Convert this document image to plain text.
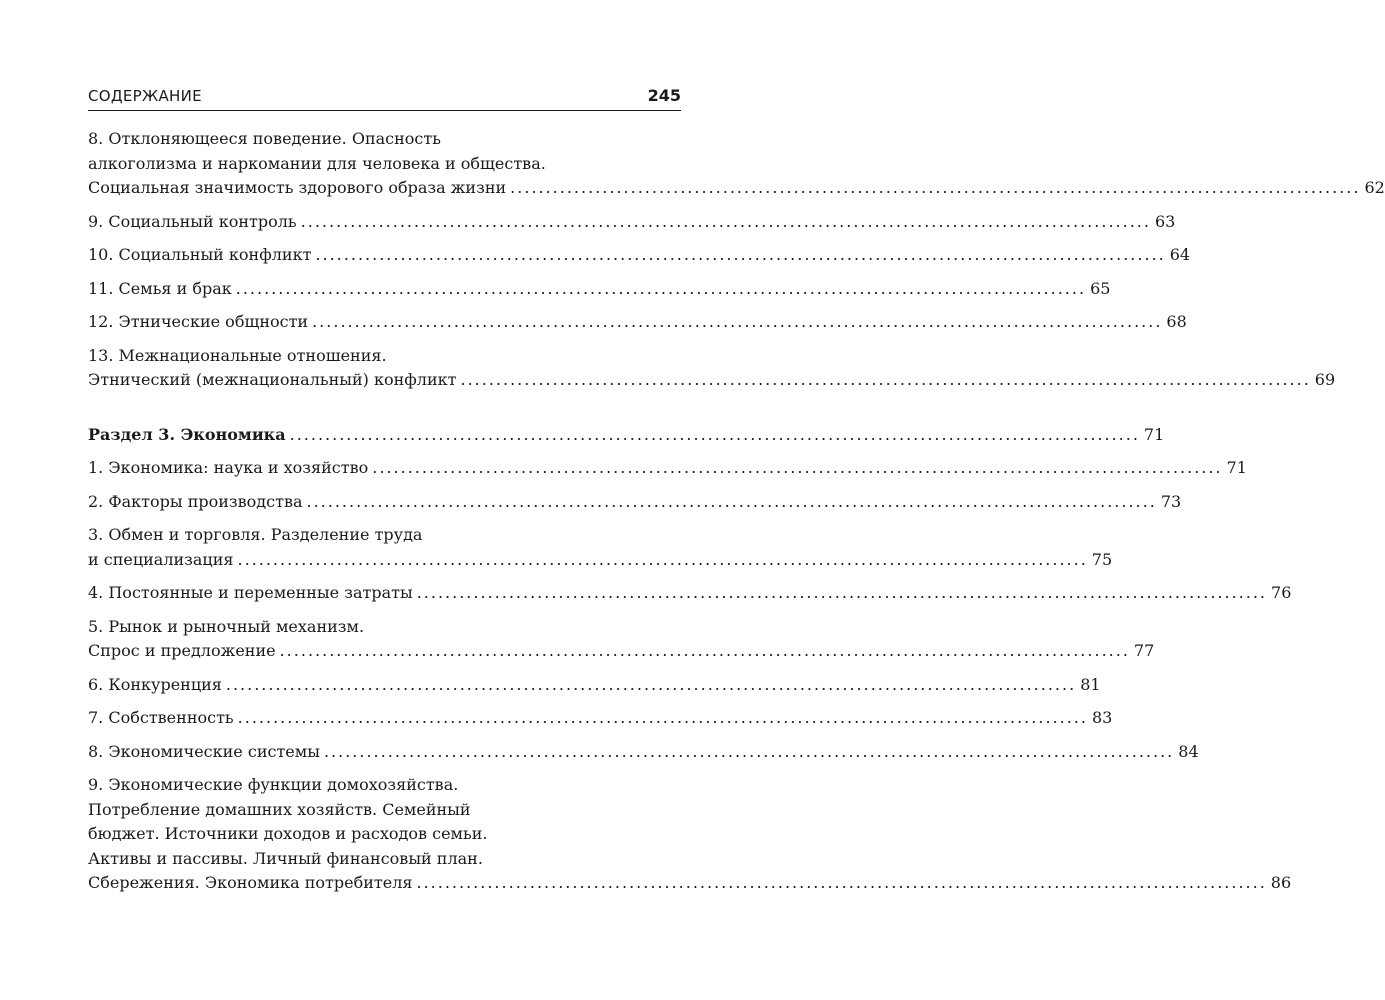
СОДЕРЖАНИЕ	245
8. Отклоняющееся поведение. Опасность
алкоголизма и наркомании для человека и общества.
Социальная значимость здорового образа жизни ........................................................................................................................ 62
9. Социальный контроль ........................................................................................................................ 63
10. Социальный конфликт ........................................................................................................................ 64
11. Семья и брак ........................................................................................................................ 65
12. Этнические общности ........................................................................................................................ 68
13. Межнациональные отношения.
Этнический (межнациональный) конфликт ........................................................................................................................ 69
Раздел 3. Экономика ........................................................................................................................ 71
1. Экономика: наука и хозяйство ........................................................................................................................ 71
2. Факторы производства ........................................................................................................................ 73
3. Обмен и торговля. Разделение труда
и специализация ........................................................................................................................ 75
4. Постоянные и переменные затраты ........................................................................................................................ 76
5. Рынок и рыночный механизм.
Спрос и предложение ........................................................................................................................ 77
6. Конкуренция ........................................................................................................................ 81
7. Собственность ........................................................................................................................ 83
8. Экономические системы ........................................................................................................................ 84
9. Экономические функции домохозяйства.
Потребление домашних хозяйств. Семейный
бюджет. Источники доходов и расходов семьи.
Активы и пассивы. Личный финансовый план.
Сбережения. Экономика потребителя ........................................................................................................................ 86
